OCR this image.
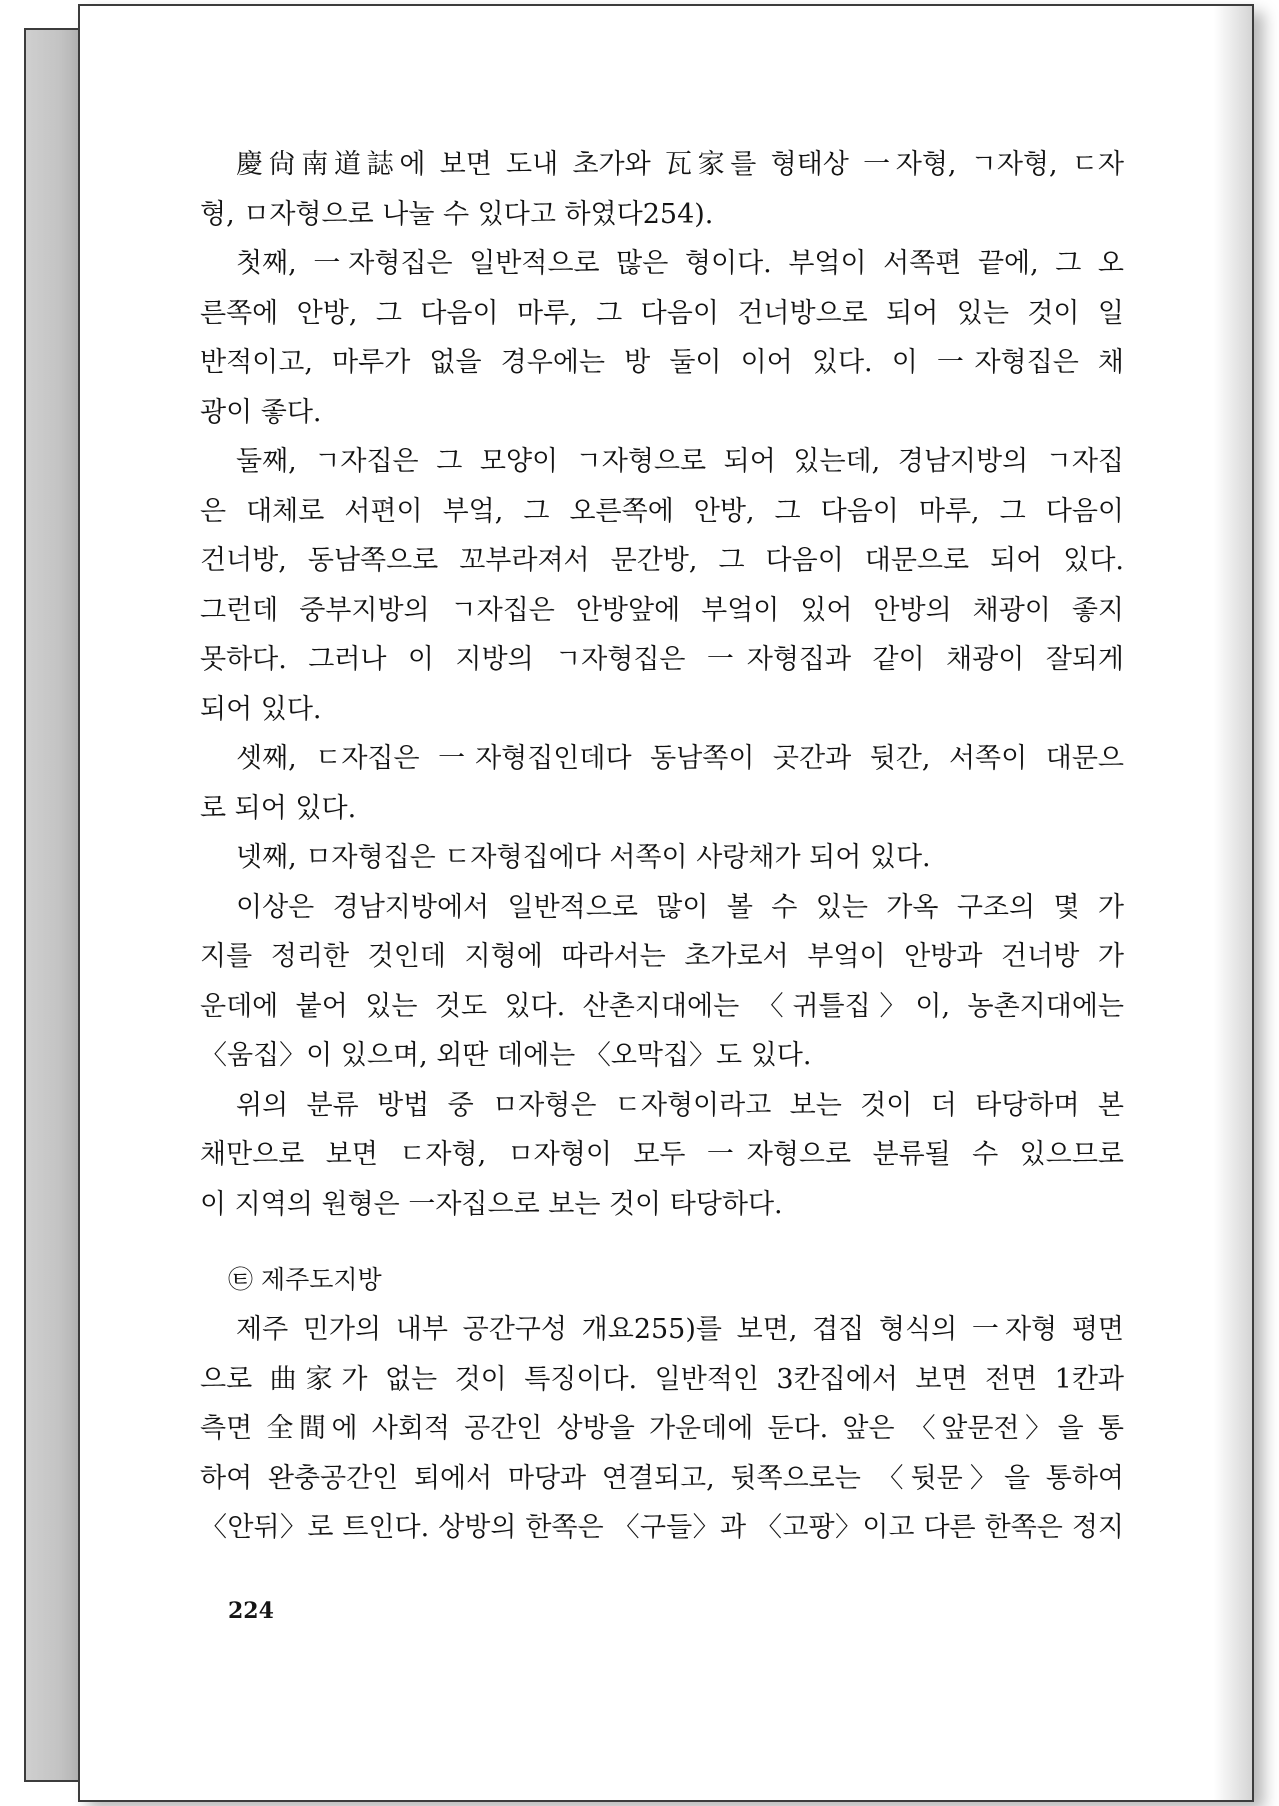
慶尙南道誌에 보면 도내 초가와 瓦家를 형태상 一자형, ㄱ자형, ㄷ자
형, ㅁ자형으로 나눌 수 있다고 하였다254).
첫째, 一자형집은 일반적으로 많은 형이다. 부엌이 서쪽편 끝에, 그 오
른쪽에 안방, 그 다음이 마루, 그 다음이 건너방으로 되어 있는 것이 일
반적이고, 마루가 없을 경우에는 방 둘이 이어 있다. 이 一자형집은 채
광이 좋다.
둘째, ㄱ자집은 그 모양이 ㄱ자형으로 되어 있는데, 경남지방의 ㄱ자집
은 대체로 서편이 부엌, 그 오른쪽에 안방, 그 다음이 마루, 그 다음이
건너방, 동남쪽으로 꼬부라져서 문간방, 그 다음이 대문으로 되어 있다.
그런데 중부지방의 ㄱ자집은 안방앞에 부엌이 있어 안방의 채광이 좋지
못하다. 그러나 이 지방의 ㄱ자형집은 一자형집과 같이 채광이 잘되게
되어 있다.
셋째, ㄷ자집은 一자형집인데다 동남쪽이 곳간과 뒷간, 서쪽이 대문으
로 되어 있다.
넷째, ㅁ자형집은 ㄷ자형집에다 서쪽이 사랑채가 되어 있다.
이상은 경남지방에서 일반적으로 많이 볼 수 있는 가옥 구조의 몇 가
지를 정리한 것인데 지형에 따라서는 초가로서 부엌이 안방과 건너방 가
운데에 붙어 있는 것도 있다. 산촌지대에는 〈귀틀집〉이, 농촌지대에는
〈움집〉이 있으며, 외딴 데에는 〈오막집〉도 있다.
위의 분류 방법 중 ㅁ자형은 ㄷ자형이라고 보는 것이 더 타당하며 본
채만으로 보면 ㄷ자형, ㅁ자형이 모두 一자형으로 분류될 수 있으므로
이 지역의 원형은 一자집으로 보는 것이 타당하다.
㉫ 제주도지방
제주 민가의 내부 공간구성 개요255)를 보면, 겹집 형식의 一자형 평면
으로 曲家가 없는 것이 특징이다. 일반적인 3칸집에서 보면 전면 1칸과
측면 全間에 사회적 공간인 상방을 가운데에 둔다. 앞은 〈앞문전〉을 통
하여 완충공간인 퇴에서 마당과 연결되고, 뒷쪽으로는 〈뒷문〉을 통하여
〈안뒤〉로 트인다. 상방의 한쪽은 〈구들〉과 〈고팡〉이고 다른 한쪽은 정지
224
